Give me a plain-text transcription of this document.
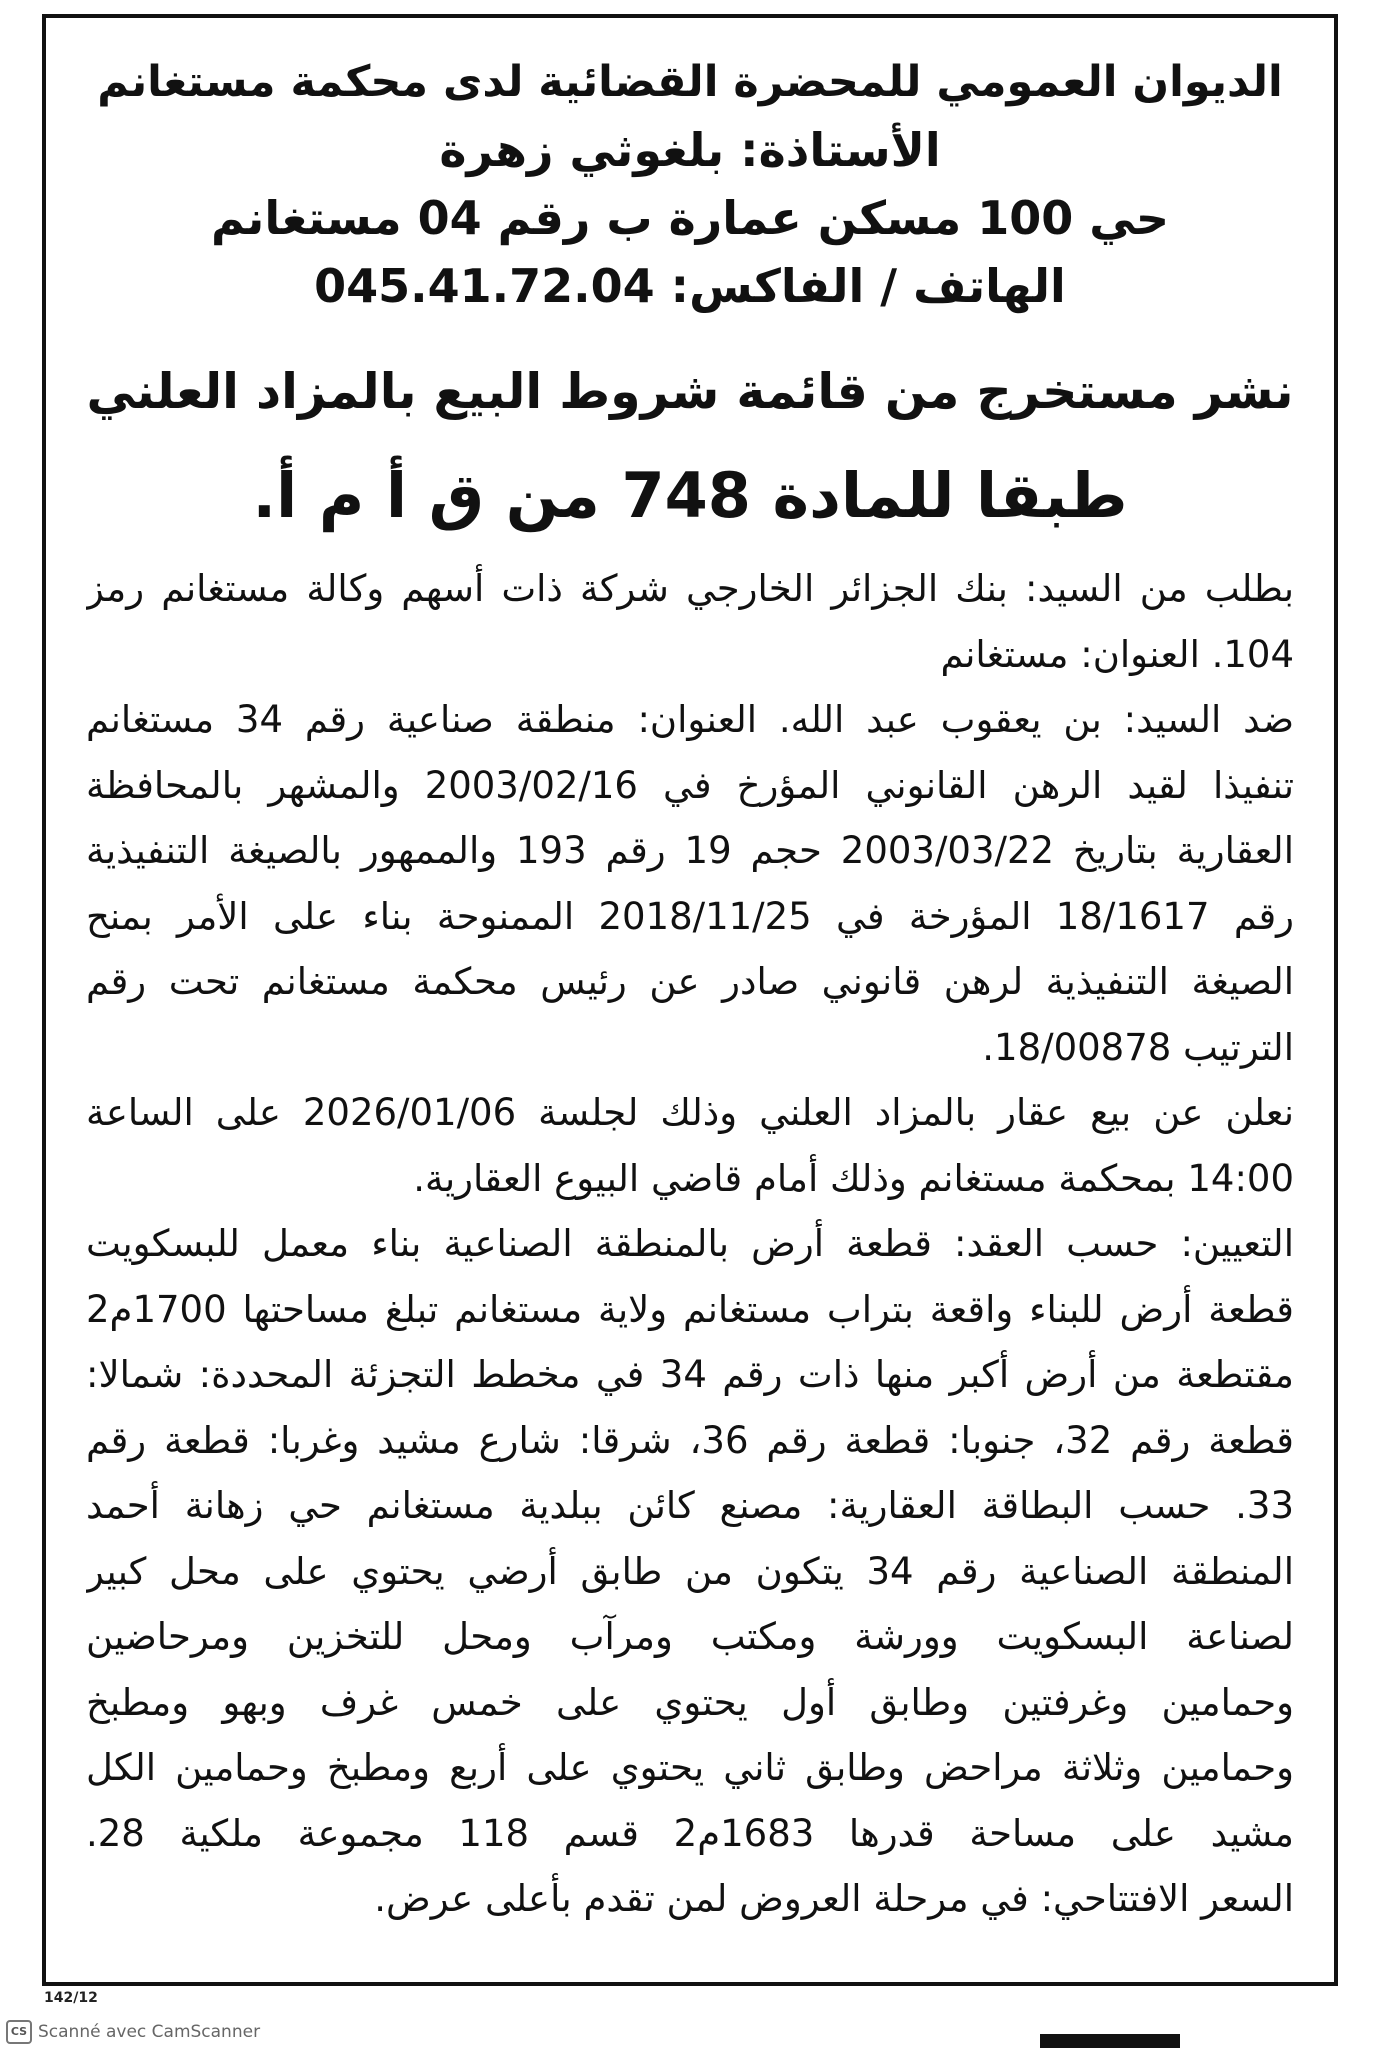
الديوان العمومي للمحضرة القضائية لدى محكمة مستغانم
الأستاذة: بلغوثي زهرة
حي 100 مسكن عمارة ب رقم 04 مستغانم
الهاتف / الفاكس: 045.41.72.04
نشر مستخرج من قائمة شروط البيع بالمزاد العلني
طبقا للمادة 748 من ق أ م أ.
بطلب من السيد: بنك الجزائر الخارجي شركة ذات أسهم وكالة مستغانم رمز
104. العنوان: مستغانم
ضد السيد: بن يعقوب عبد الله. العنوان: منطقة صناعية رقم 34 مستغانم
تنفيذا لقيد الرهن القانوني المؤرخ في 2003/02/16 والمشهر بالمحافظة
العقارية بتاريخ 2003/03/22 حجم 19 رقم 193 والممهور بالصيغة التنفيذية
رقم 18/1617 المؤرخة في 2018/11/25 الممنوحة بناء على الأمر بمنح
الصيغة التنفيذية لرهن قانوني صادر عن رئيس محكمة مستغانم تحت رقم
الترتيب 18/00878.
نعلن عن بيع عقار بالمزاد العلني وذلك لجلسة 2026/01/06 على الساعة
14:00 بمحكمة مستغانم وذلك أمام قاضي البيوع العقارية.
التعيين: حسب العقد: قطعة أرض بالمنطقة الصناعية بناء معمل للبسكويت
قطعة أرض للبناء واقعة بتراب مستغانم ولاية مستغانم تبلغ مساحتها 1700م2
مقتطعة من أرض أكبر منها ذات رقم 34 في مخطط التجزئة المحددة: شمالا:
قطعة رقم 32، جنوبا: قطعة رقم 36، شرقا: شارع مشيد وغربا: قطعة رقم
33. حسب البطاقة العقارية: مصنع كائن ببلدية مستغانم حي زهانة أحمد
المنطقة الصناعية رقم 34 يتكون من طابق أرضي يحتوي على محل كبير
لصناعة البسكويت وورشة ومكتب ومرآب ومحل للتخزين ومرحاضين
وحمامين وغرفتين وطابق أول يحتوي على خمس غرف وبهو ومطبخ
وحمامين وثلاثة مراحض وطابق ثاني يحتوي على أربع ومطبخ وحمامين الكل
مشيد على مساحة قدرها 1683م2 قسم 118 مجموعة ملكية 28.
السعر الافتتاحي: في مرحلة العروض لمن تقدم بأعلى عرض.
142/12
CS Scanné avec CamScanner
